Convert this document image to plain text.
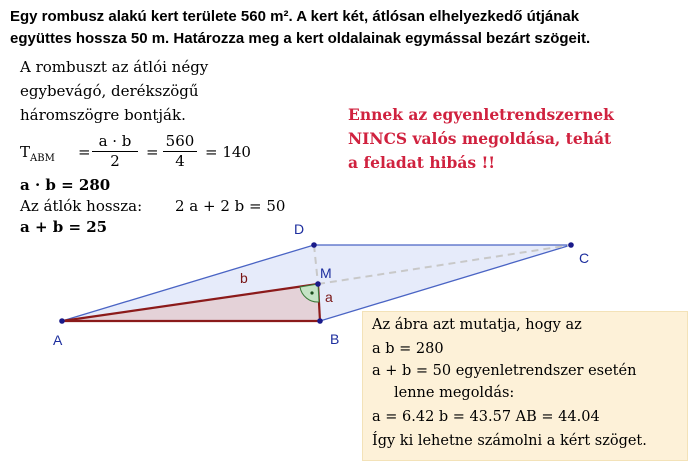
Egy rombusz alakú kert területe 560 m². A kert két, átlósan elhelyezkedő útjának
együttes hossza 50 m. Határozza meg a kert oldalainak egymással bezárt szögeit.
A	B
C
D
M
b
a
A rombuszt az átlói négy
egybevágó, derékszögű
háromszögre bontják.
$T_{ABM} = \frac{a \cdot b}{2} = \frac{560}{4} = 140$
a · b = 280
Az átlók hossza: 2 a + 2 b = 50
a + b = 25
Ennek az egyenletrendszernek
NINCS valós megoldása, tehát
a feladat hibás !!
Az ábra azt mutatja, hogy az
a b = 280
a + b = 50 egyenletrendszer esetén
lenne megoldás:
a = 6.42 b = 43.57 AB = 44.04
Így ki lehetne számolni a kért szöget.
